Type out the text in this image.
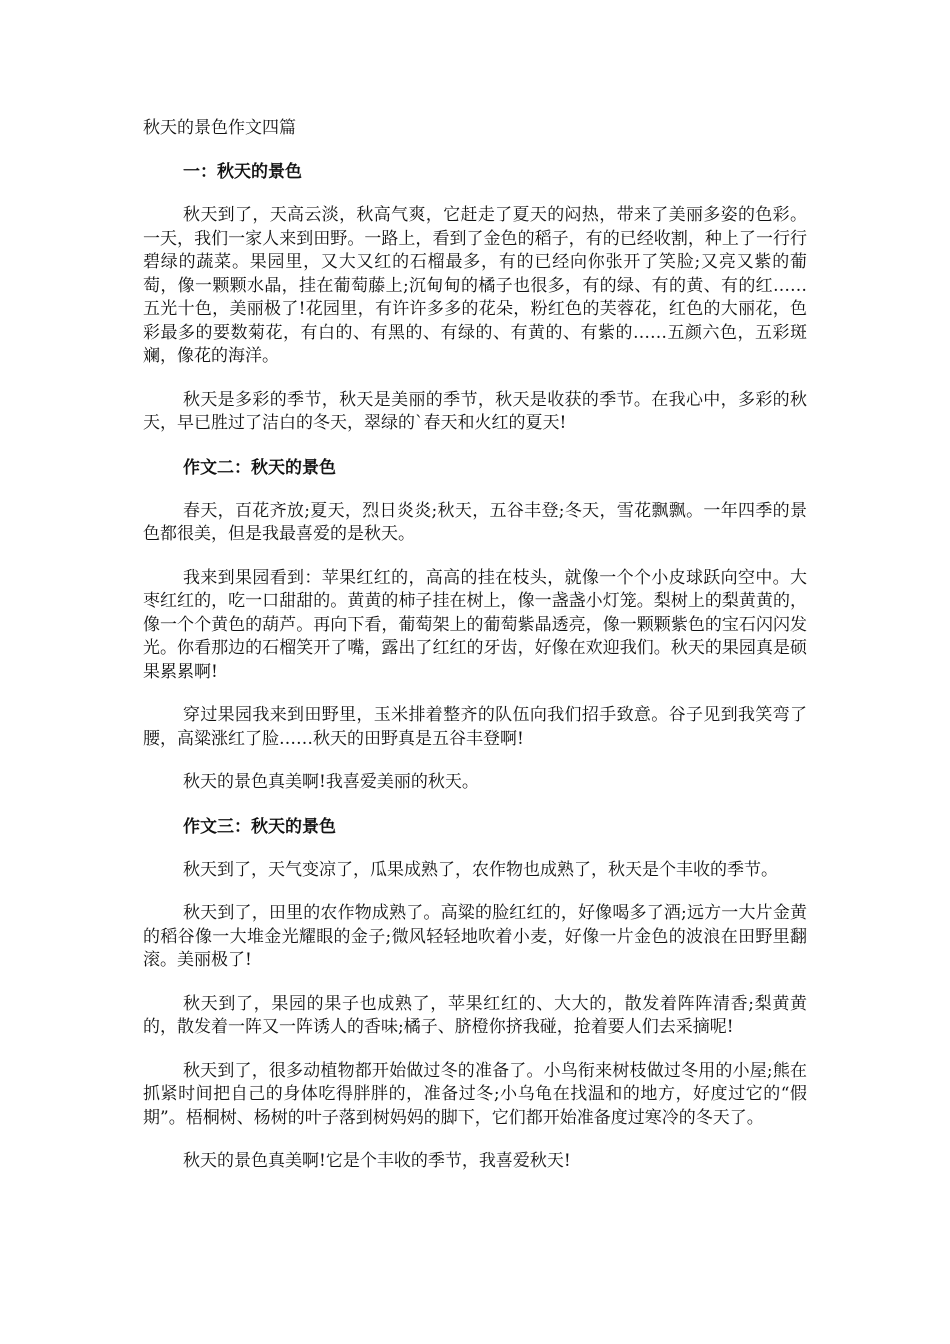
秋天的景色作文四篇
一：秋天的景色

秋天到了，天高云淡，秋高气爽，它赶走了夏天的闷热，带来了美丽多姿的色彩。一天，我们一家人来到田野。一路上，看到了金色的稻子，有的已经收割，种上了一行行碧绿的蔬菜。果园里，又大又红的石榴最多，有的已经向你张开了笑脸;又亮又紫的葡萄，像一颗颗水晶，挂在葡萄藤上;沉甸甸的橘子也很多，有的绿、有的黄、有的红……五光十色，美丽极了!花园里，有许许多多的花朵，粉红色的芙蓉花，红色的大丽花，色彩最多的要数菊花，有白的、有黑的、有绿的、有黄的、有紫的……五颜六色，五彩斑斓，像花的海洋。

秋天是多彩的季节，秋天是美丽的季节，秋天是收获的季节。在我心中，多彩的秋天，早已胜过了洁白的冬天，翠绿的`春天和火红的夏天!

作文二：秋天的景色

春天，百花齐放;夏天，烈日炎炎;秋天，五谷丰登;冬天，雪花飘飘。一年四季的景色都很美，但是我最喜爱的是秋天。

我来到果园看到：苹果红红的，高高的挂在枝头，就像一个个小皮球跃向空中。大枣红红的，吃一口甜甜的。黄黄的柿子挂在树上，像一盏盏小灯笼。梨树上的梨黄黄的，像一个个黄色的葫芦。再向下看，葡萄架上的葡萄紫晶透亮，像一颗颗紫色的宝石闪闪发光。你看那边的石榴笑开了嘴，露出了红红的牙齿，好像在欢迎我们。秋天的果园真是硕果累累啊!

穿过果园我来到田野里，玉米排着整齐的队伍向我们招手致意。谷子见到我笑弯了腰，高粱涨红了脸……秋天的田野真是五谷丰登啊!

秋天的景色真美啊!我喜爱美丽的秋天。

作文三：秋天的景色

秋天到了，天气变凉了，瓜果成熟了，农作物也成熟了，秋天是个丰收的季节。

秋天到了，田里的农作物成熟了。高粱的脸红红的，好像喝多了酒;远方一大片金黄的稻谷像一大堆金光耀眼的金子;微风轻轻地吹着小麦，好像一片金色的波浪在田野里翻滚。美丽极了!

秋天到了，果园的果子也成熟了，苹果红红的、大大的，散发着阵阵清香;梨黄黄的，散发着一阵又一阵诱人的香味;橘子、脐橙你挤我碰，抢着要人们去采摘呢!

秋天到了，很多动植物都开始做过冬的准备了。小鸟衔来树枝做过冬用的小屋;熊在抓紧时间把自己的身体吃得胖胖的，准备过冬;小乌龟在找温和的地方，好度过它的“假期”。梧桐树、杨树的叶子落到树妈妈的脚下，它们都开始准备度过寒冷的冬天了。

秋天的景色真美啊!它是个丰收的季节，我喜爱秋天!
